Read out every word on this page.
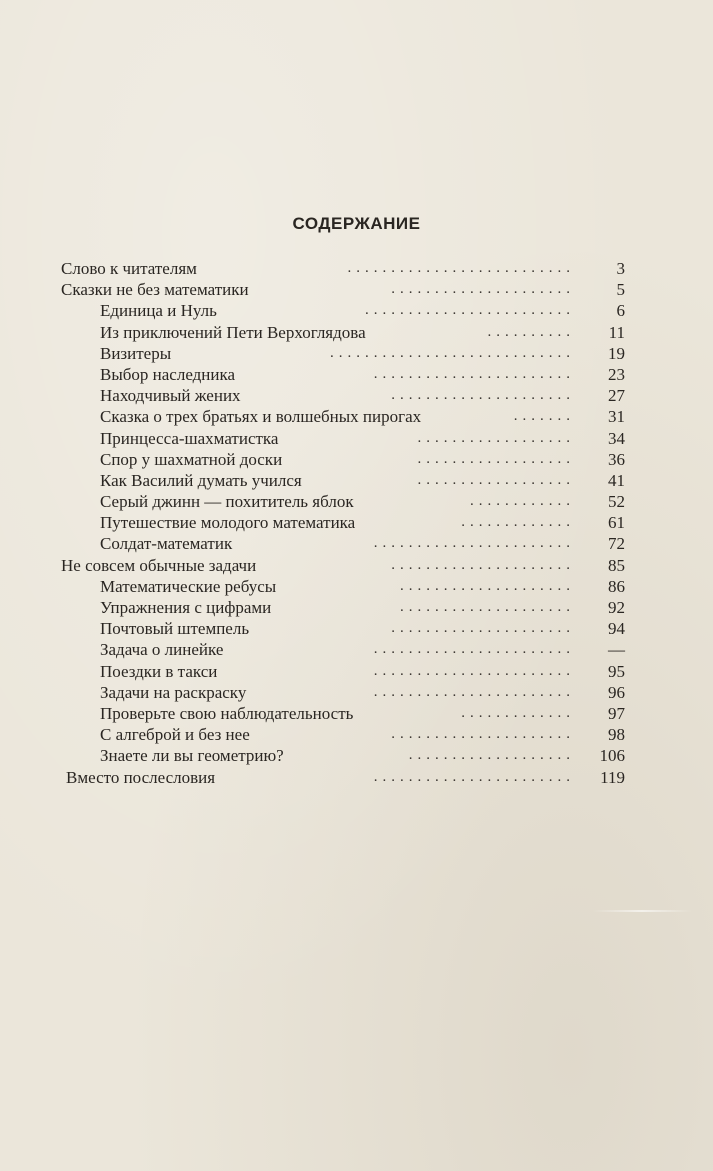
СОДЕРЖАНИЕ
Слово к читателям	.......................... 3
Сказки не без математики	..................... 5
Единица и Нуль	........................ 6
Из приключений Пети Верхоглядова	.......... 11
Визитеры	............................ 19
Выбор наследника	....................... 23
Находчивый жених	..................... 27
Сказка о трех братьях и волшебных пирогах	....... 31
Принцесса-шахматистка	.................. 34
Спор у шахматной доски	.................. 36
Как Василий думать учился	.................. 41
Серый джинн — похититель яблок	............ 52
Путешествие молодого математика	............. 61
Солдат-математик	....................... 72
Не совсем обычные задачи	..................... 85
Математические ребусы	.................... 86
Упражнения с цифрами	.................... 92
Почтовый штемпель	..................... 94
Задача о линейке	....................... —
Поездки в такси	....................... 95
Задачи на раскраску	....................... 96
Проверьте свою наблюдательность	............. 97
С алгеброй и без нее	..................... 98
Знаете ли вы геометрию?	................... 106
Вместо послесловия	....................... 119
